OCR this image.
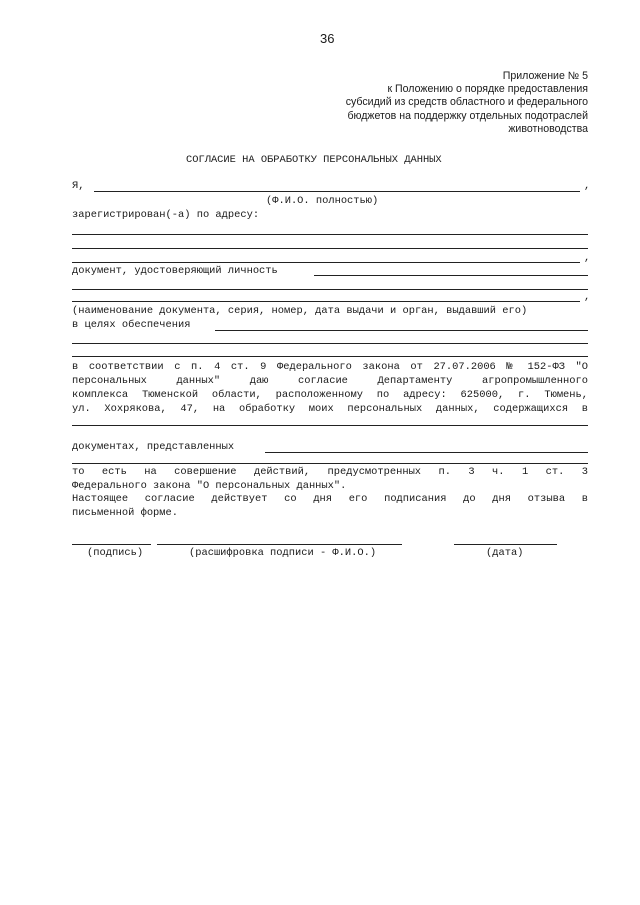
36
Приложение № 5
к Положению о порядке предоставления
субсидий из средств областного и федерального
бюджетов на поддержку отдельных подотраслей
животноводства
СОГЛАСИЕ НА ОБРАБОТКУ ПЕРСОНАЛЬНЫХ ДАННЫХ
Я,	,
(Ф.И.О. полностью)
зарегистрирован(-а) по адресу:
,
документ, удостоверяющий личность
,
(наименование документа, серия, номер, дата выдачи и орган, выдавший его)
в целях обеспечения
в соответствии с п. 4 ст. 9 Федерального закона от 27.07.2006 № 152-ФЗ "О
персональных данных" даю согласие Департаменту агропромышленного
комплекса Тюменской области, расположенному по адресу: 625000, г. Тюмень,
ул. Хохрякова, 47, на обработку моих персональных данных, содержащихся в
документах, представленных
то есть на совершение действий, предусмотренных п. 3 ч. 1 ст. 3
Федерального закона "О персональных данных".
Настоящее согласие действует со дня его подписания до дня отзыва в
письменной форме.
(подпись)	(расшифровка подписи - Ф.И.О.)	(дата)
